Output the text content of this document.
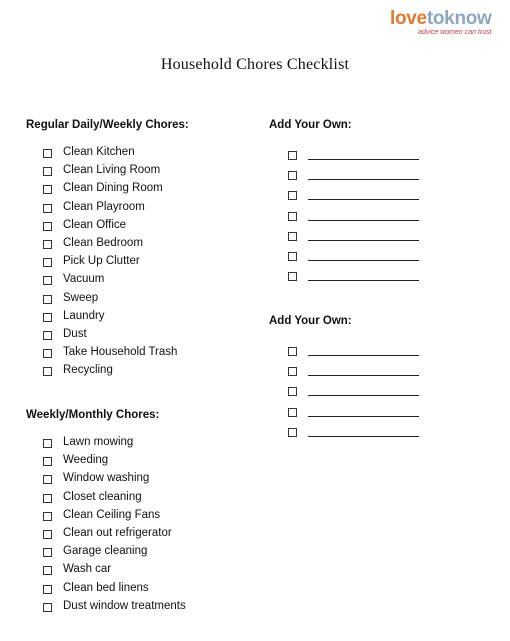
lovetoknow
advice women can trust
Household Chores Checklist
Regular Daily/Weekly Chores:
Clean Kitchen
Clean Living Room
Clean Dining Room
Clean Playroom
Clean Office
Clean Bedroom
Pick Up Clutter
Vacuum
Sweep
Laundry
Dust
Take Household Trash
Recycling
Weekly/Monthly Chores:
Lawn mowing
Weeding
Window washing
Closet cleaning
Clean Ceiling Fans
Clean out refrigerator
Garage cleaning
Wash car
Clean bed linens
Dust window treatments
Add Your Own:
Add Your Own:
